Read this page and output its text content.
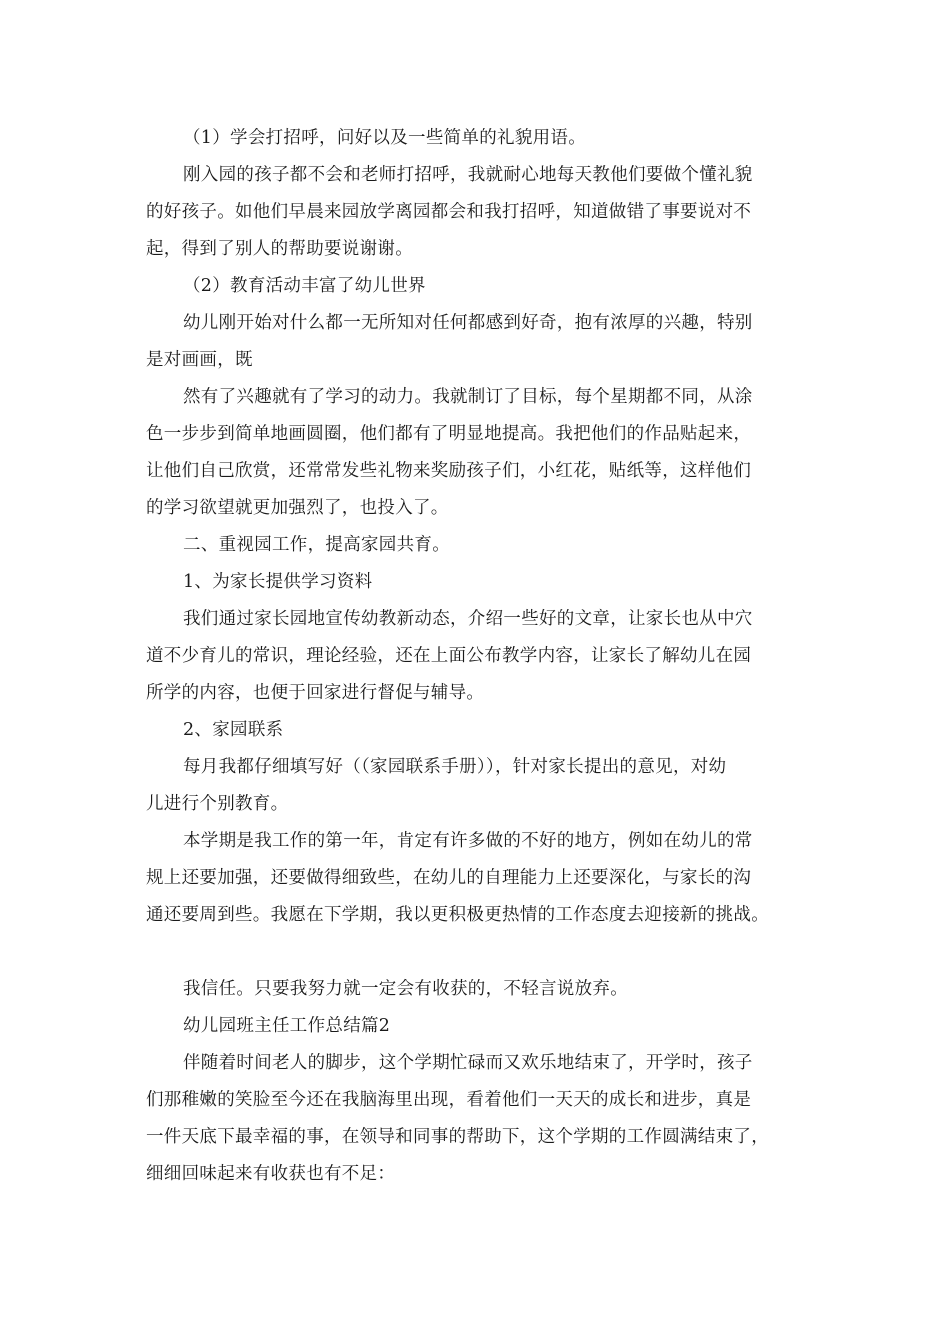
（1）学会打招呼，问好以及一些简单的礼貌用语。
刚入园的孩子都不会和老师打招呼，我就耐心地每天教他们要做个懂礼貌
的好孩子。如他们早晨来园放学离园都会和我打招呼，知道做错了事要说对不
起，得到了别人的帮助要说谢谢。
（2）教育活动丰富了幼儿世界
幼儿刚开始对什么都一无所知对任何都感到好奇，抱有浓厚的兴趣，特别
是对画画，既
然有了兴趣就有了学习的动力。我就制订了目标，每个星期都不同，从涂
色一步步到简单地画圆圈，他们都有了明显地提高。我把他们的作品贴起来，
让他们自己欣赏，还常常发些礼物来奖励孩子们，小红花，贴纸等，这样他们
的学习欲望就更加强烈了，也投入了。
二、重视园工作，提高家园共育。
1、为家长提供学习资料
我们通过家长园地宣传幼教新动态，介绍一些好的文章，让家长也从中穴
道不少育儿的常识，理论经验，还在上面公布教学内容，让家长了解幼儿在园
所学的内容，也便于回家进行督促与辅导。
2、家园联系
每月我都仔细填写好（（家园联系手册）），针对家长提出的意见，对幼
儿进行个别教育。
本学期是我工作的第一年，肯定有许多做的不好的地方，例如在幼儿的常
规上还要加强，还要做得细致些，在幼儿的自理能力上还要深化，与家长的沟
通还要周到些。我愿在下学期，我以更积极更热情的工作态度去迎接新的挑战。
我信任。只要我努力就一定会有收获的，不轻言说放弃。
幼儿园班主任工作总结篇2
伴随着时间老人的脚步，这个学期忙碌而又欢乐地结束了，开学时，孩子
们那稚嫩的笑脸至今还在我脑海里出现，看着他们一天天的成长和进步，真是
一件天底下最幸福的事，在领导和同事的帮助下，这个学期的工作圆满结束了，
细细回味起来有收获也有不足：
